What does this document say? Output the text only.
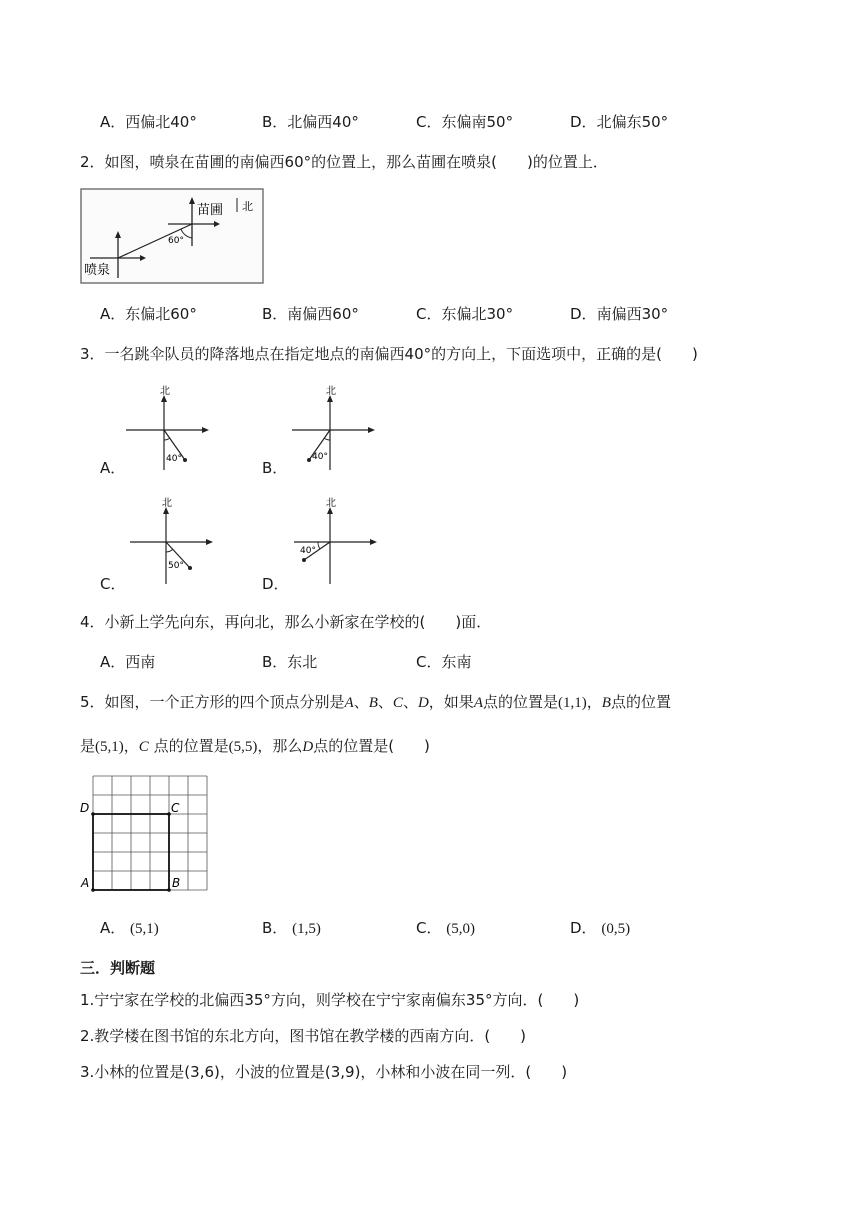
A．西偏北40°	B．北偏西40°	C．东偏南50°	D．北偏东50°
2．如图，喷泉在苗圃的南偏西60°的位置上，那么苗圃在喷泉(　　)的位置上．
60°
苗圃
喷泉
北
A．东偏北60°	B．南偏西60°	C．东偏北30°	D．南偏西30°
3．一名跳伞队员的降落地点在指定地点的南偏西40°的方向上，下面选项中，正确的是(　　)
A．
北
40°	B．
北
40°
C．
北
50°
D．
北
40°
4．小新上学先向东，再向北，那么小新家在学校的(　　)面．
A．西南	B．东北	C．东南
5．如图，一个正方形的四个顶点分别是A、B、C、D，如果A点的位置是(1,1)，B点的位置
是(5,1)，C 点的位置是(5,5)，那么D点的位置是(　　)
D	C
A	B
A． (5,1)	B． (1,5)	C． (5,0)	D． (0,5)
三．判断题
1.宁宁家在学校的北偏西35°方向，则学校在宁宁家南偏东35°方向．(　　)
2.教学楼在图书馆的东北方向，图书馆在教学楼的西南方向．(　　)
3.小林的位置是(3,6)，小波的位置是(3,9)，小林和小波在同一列．(　　)
